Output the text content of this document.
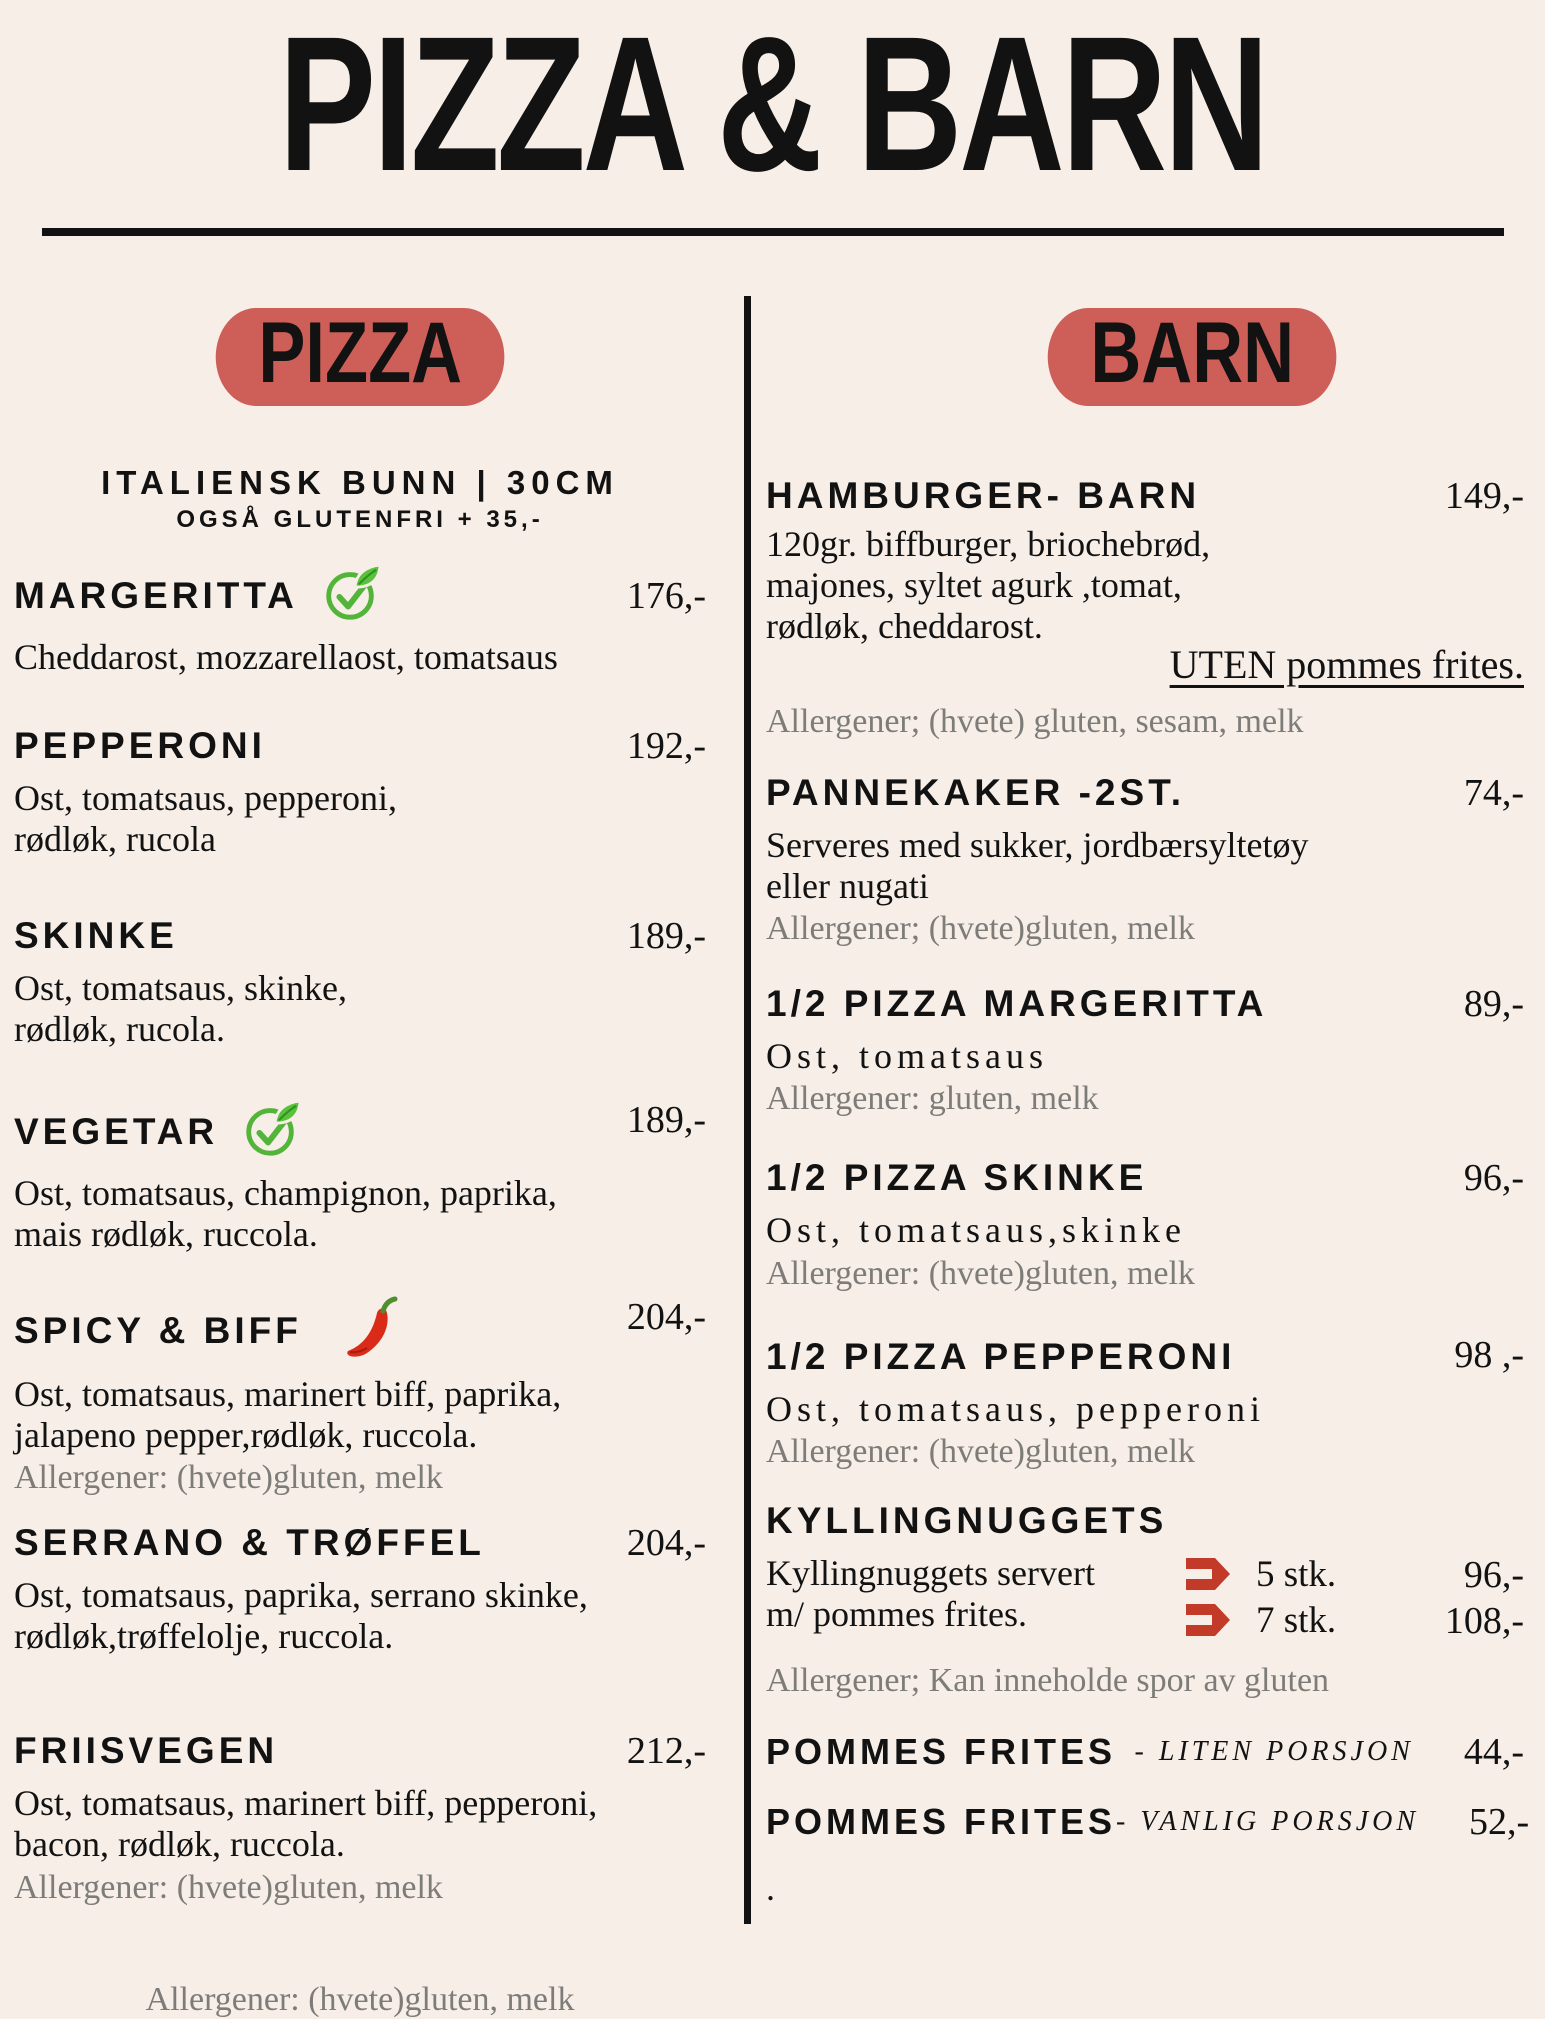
PIZZA & BARN
PIZZA
ITALIENSK BUNN | 30CM
OGSÅ GLUTENFRI + 35,-
MARGERITTA	176,-
Cheddarost, mozzarellaost, tomatsaus
PEPPERONI	192,-
Ost, tomatsaus, pepperoni,
rødløk, rucola
SKINKE	189,-
Ost, tomatsaus, skinke,
rødløk, rucola.
VEGETAR	189,-
Ost, tomatsaus, champignon, paprika,
mais rødløk, ruccola.
SPICY & BIFF	204,-
Ost, tomatsaus, marinert biff, paprika,
jalapeno pepper,rødløk, ruccola.
Allergener: (hvete)gluten, melk
SERRANO & TRØFFEL	204,-
Ost, tomatsaus, paprika, serrano skinke,
rødløk,trøffelolje, ruccola.
FRIISVEGEN	212,-
Ost, tomatsaus, marinert biff, pepperoni,
bacon, rødløk, ruccola.
Allergener: (hvete)gluten, melk
Allergener: (hvete)gluten, melk
BARN
HAMBURGER- BARN	149,-
120gr. biffburger, briochebrød,
majones, syltet agurk ,tomat,
rødløk, cheddarost.
UTEN pommes frites.
Allergener; (hvete) gluten, sesam, melk
PANNEKAKER -2ST.	74,-
Serveres med sukker, jordbærsyltetøy
eller nugati
Allergener; (hvete)gluten, melk
1/2 PIZZA MARGERITTA	89,-
Ost, tomatsaus
Allergener: gluten, melk
1/2 PIZZA SKINKE	96,-
Ost, tomatsaus,skinke
Allergener: (hvete)gluten, melk
1/2 PIZZA PEPPERONI	98 ,-
Ost, tomatsaus, pepperoni
Allergener: (hvete)gluten, melk
KYLLINGNUGGETS
Kyllingnuggets servert
m/ pommes frites.
5 stk.	96,-
7 stk.	108,-
Allergener; Kan inneholde spor av gluten
POMMES FRITES - LITEN PORSJON	44,-
POMMES FRITES - VANLIG PORSJON	52,-
.
